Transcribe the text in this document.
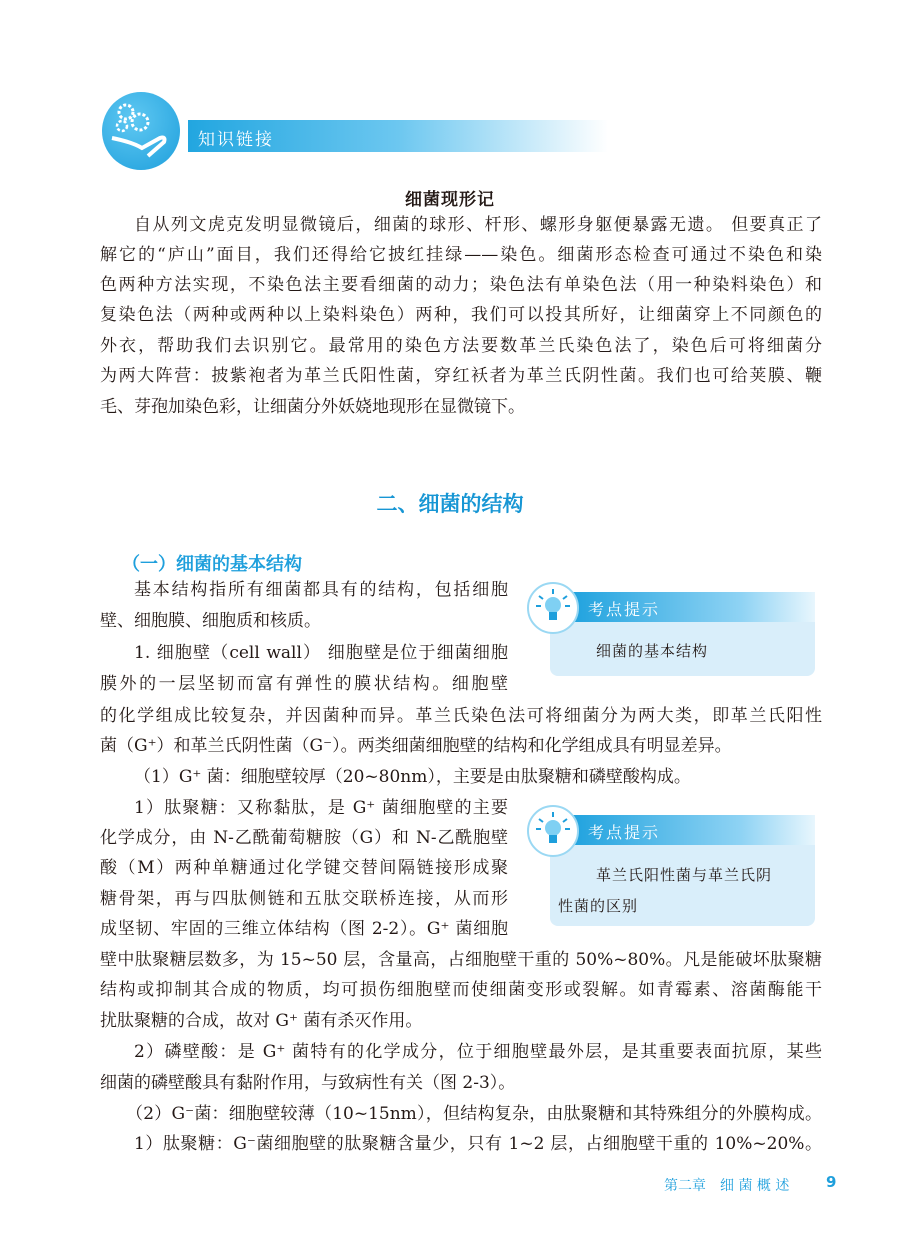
知识链接
细菌现形记
自从列文虎克发明显微镜后，细菌的球形、杆形、螺形身躯便暴露无遗。 但要真正了
解它的“庐山”面目，我们还得给它披红挂绿——染色。细菌形态检查可通过不染色和染
色两种方法实现，不染色法主要看细菌的动力；染色法有单染色法（用一种染料染色）和
复染色法（两种或两种以上染料染色）两种，我们可以投其所好，让细菌穿上不同颜色的
外衣，帮助我们去识别它。最常用的染色方法要数革兰氏染色法了，染色后可将细菌分
为两大阵营：披紫袍者为革兰氏阳性菌，穿红袄者为革兰氏阴性菌。我们也可给荚膜、鞭
毛、芽孢加染色彩，让细菌分外妖娆地现形在显微镜下。
二、细菌的结构
（一）细菌的基本结构
基本结构指所有细菌都具有的结构，包括细胞
壁、细胞膜、细胞质和核质。
1. 细胞壁（cell wall） 细胞壁是位于细菌细胞
膜外的一层坚韧而富有弹性的膜状结构。细胞壁
的化学组成比较复杂，并因菌种而异。革兰氏染色法可将细菌分为两大类，即革兰氏阳性
菌（G⁺）和革兰氏阴性菌（G⁻）。两类细菌细胞壁的结构和化学组成具有明显差异。
（1）G⁺ 菌：细胞壁较厚（20~80nm），主要是由肽聚糖和磷壁酸构成。
1）肽聚糖：又称黏肽，是 G⁺ 菌细胞壁的主要
化学成分，由 N-乙酰葡萄糖胺（G）和 N-乙酰胞壁
酸（M）两种单糖通过化学键交替间隔链接形成聚
糖骨架，再与四肽侧链和五肽交联桥连接，从而形
成坚韧、牢固的三维立体结构（图 2-2）。G⁺ 菌细胞
壁中肽聚糖层数多，为 15~50 层，含量高，占细胞壁干重的 50%~80%。凡是能破坏肽聚糖
结构或抑制其合成的物质，均可损伤细胞壁而使细菌变形或裂解。如青霉素、溶菌酶能干
扰肽聚糖的合成，故对 G⁺ 菌有杀灭作用。
2）磷壁酸：是 G⁺ 菌特有的化学成分，位于细胞壁最外层，是其重要表面抗原，某些
细菌的磷壁酸具有黏附作用，与致病性有关（图 2-3）。
（2）G⁻菌：细胞壁较薄（10~15nm），但结构复杂，由肽聚糖和其特殊组分的外膜构成。
1）肽聚糖：G⁻菌细胞壁的肽聚糖含量少，只有 1~2 层，占细胞壁干重的 10%~20%。
考点提示
细菌的基本结构
考点提示
革兰氏阳性菌与革兰氏阴
性菌的区别
第二章　细 菌 概 述 9
